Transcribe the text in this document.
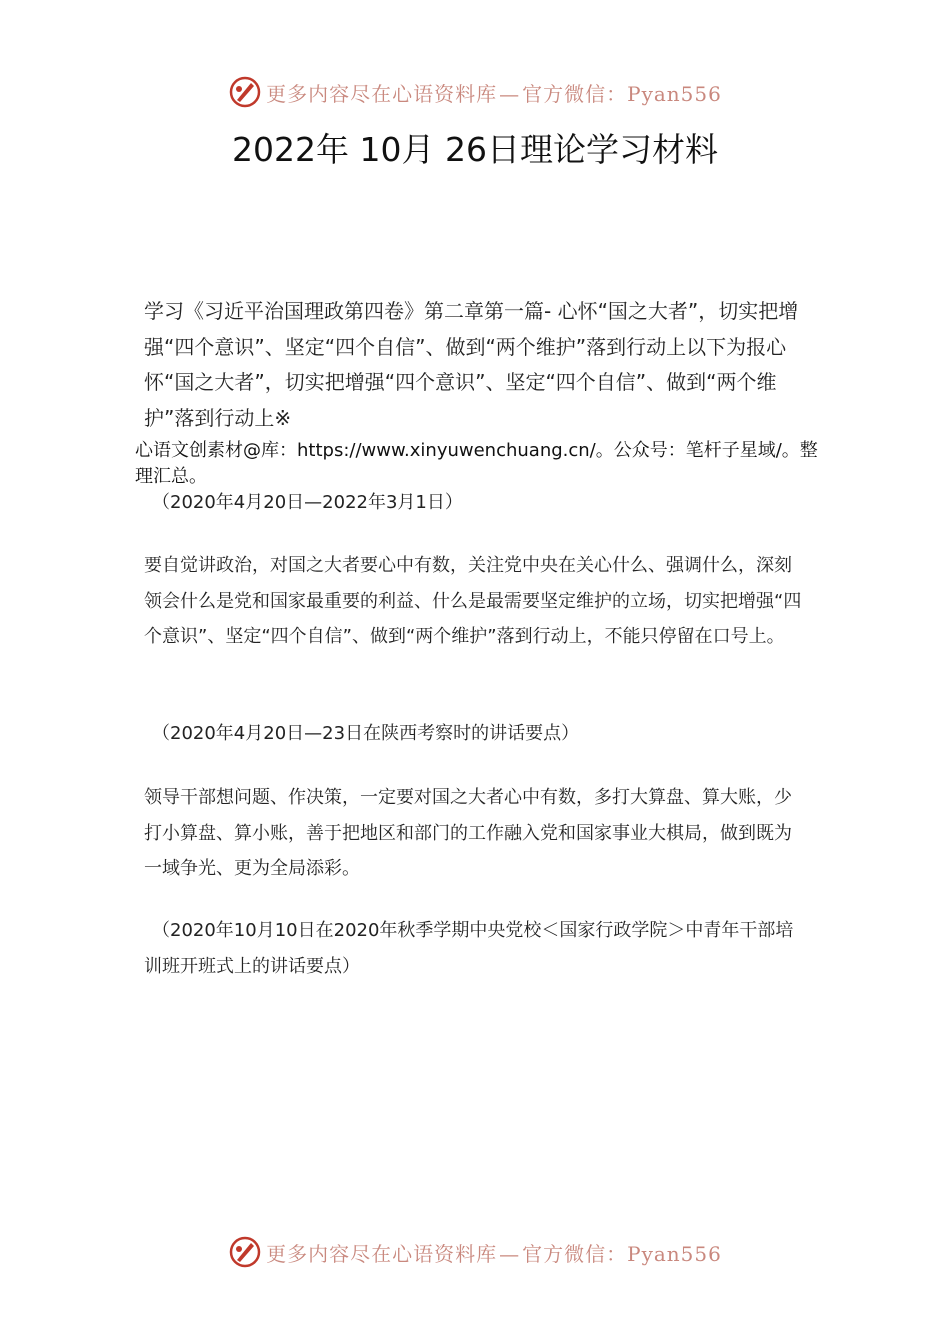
更多内容尽在心语资料库 — 官方微信：Pyan556
2022年 10月 26日理论学习材料

学习《习近平治国理政第四卷》第二章第一篇- 心怀“国之大者”，切实把增强“四个意识”、坚定“四个自信”、做到“两个维护”落到行动上以下为报心怀“国之大者”，切实把增强“四个意识”、坚定“四个自信”、做到“两个维护”落到行动上※

心语文创素材@库：https://www.xinyuwenchuang.cn/。公众号：笔杆子星域/。整理汇总。

（2020年4月20日—2022年3月1日）

要自觉讲政治，对国之大者要心中有数，关注党中央在关心什么、强调什么，深刻领会什么是党和国家最重要的利益、什么是最需要坚定维护的立场，切实把增强“四个意识”、坚定“四个自信”、做到“两个维护”落到行动上，不能只停留在口号上。

（2020年4月20日—23日在陕西考察时的讲话要点）

领导干部想问题、作决策，一定要对国之大者心中有数，多打大算盘、算大账，少打小算盘、算小账，善于把地区和部门的工作融入党和国家事业大棋局，做到既为一域争光、更为全局添彩。

（2020年10月10日在2020年秋季学期中央党校＜国家行政学院＞中青年干部培训班开班式上的讲话要点）

更多内容尽在心语资料库 — 官方微信：Pyan556
